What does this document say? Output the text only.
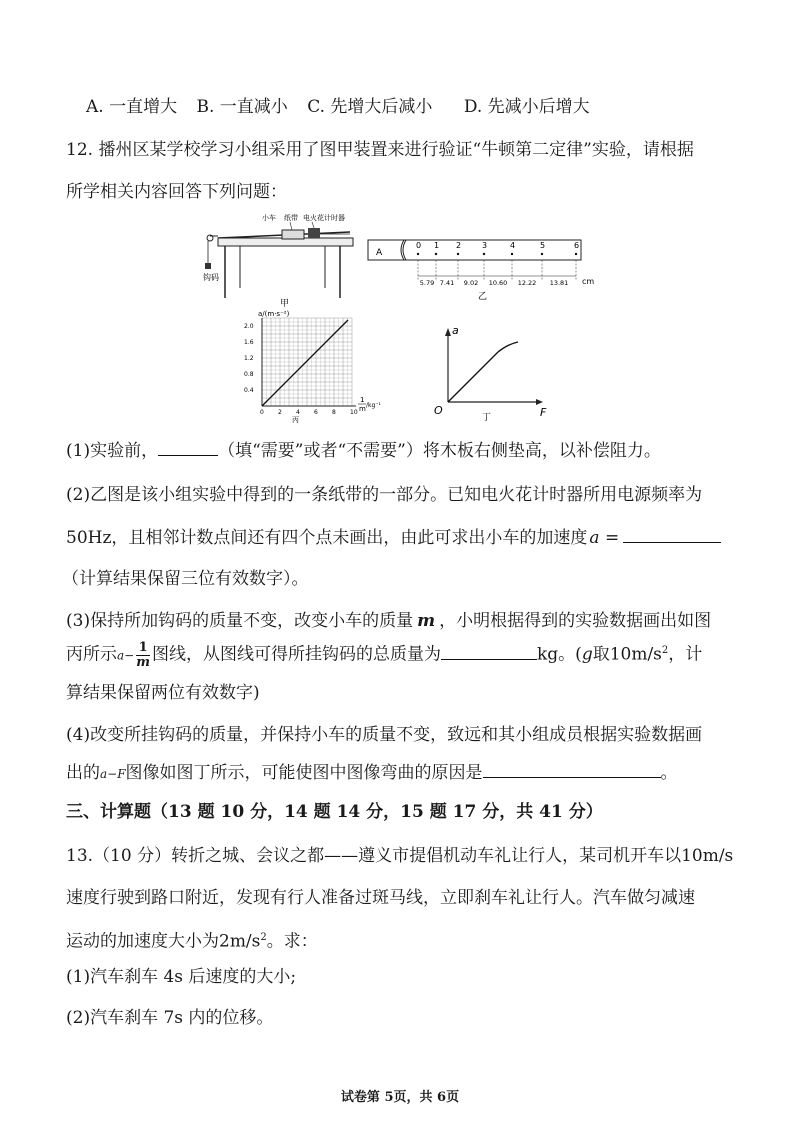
A. 一直增大 B. 一直减小 C. 先增大后减小 D. 先减小后增大
12. 播州区某学校学习小组采用了图甲装置来进行验证“牛顿第二定律”实验，请根据
所学相关内容回答下列问题：
钩码
小车 纸带 电火花计时器
甲
A
0 1 2	3	4	5	6
5.79 7.41 9.02 10.60 12.22 13.81 cm
乙
a/(m·s⁻²)
2.0
1.6
1.2
0.8
0.4
0 2 4 6 8 10
1
m /kg⁻¹
丙
a
F
O
丁
(1)实验前，	（填“需要”或者“不需要”）将木板右侧垫高，以补偿阻力。
(2)乙图是该小组实验中得到的一条纸带的一部分。已知电火花计时器所用电源频率为
50Hz，且相邻计数点间还有四个点未画出，由此可求出小车的加速度 a =
（计算结果保留三位有效数字）。
(3)保持所加钩码的质量不变，改变小车的质量 m ，小明根据得到的实验数据画出如图
丙所示$a- \frac{1}{m}$ 图线，从图线可得所挂钩码的总质量为	kg。(g取$10m/s^2$，计
算结果保留两位有效数字)
(4)改变所挂钩码的质量，并保持小车的质量不变，致远和其小组成员根据实验数据画
出的a−F图像如图丁所示，可能使图中图像弯曲的原因是	。
三、计算题（13 题 10 分，14 题 14 分，15 题 17 分，共 41 分）
13.（10 分）转折之城、会议之都——遵义市提倡机动车礼让行人，某司机开车以10m/s
速度行驶到路口附近，发现有行人准备过斑马线，立即刹车礼让行人。汽车做匀减速
运动的加速度大小为$2m/s^2$。求：
(1)汽车刹车 4s 后速度的大小;
(2)汽车刹车 7s 内的位移。
试卷第 5页，共 6页
